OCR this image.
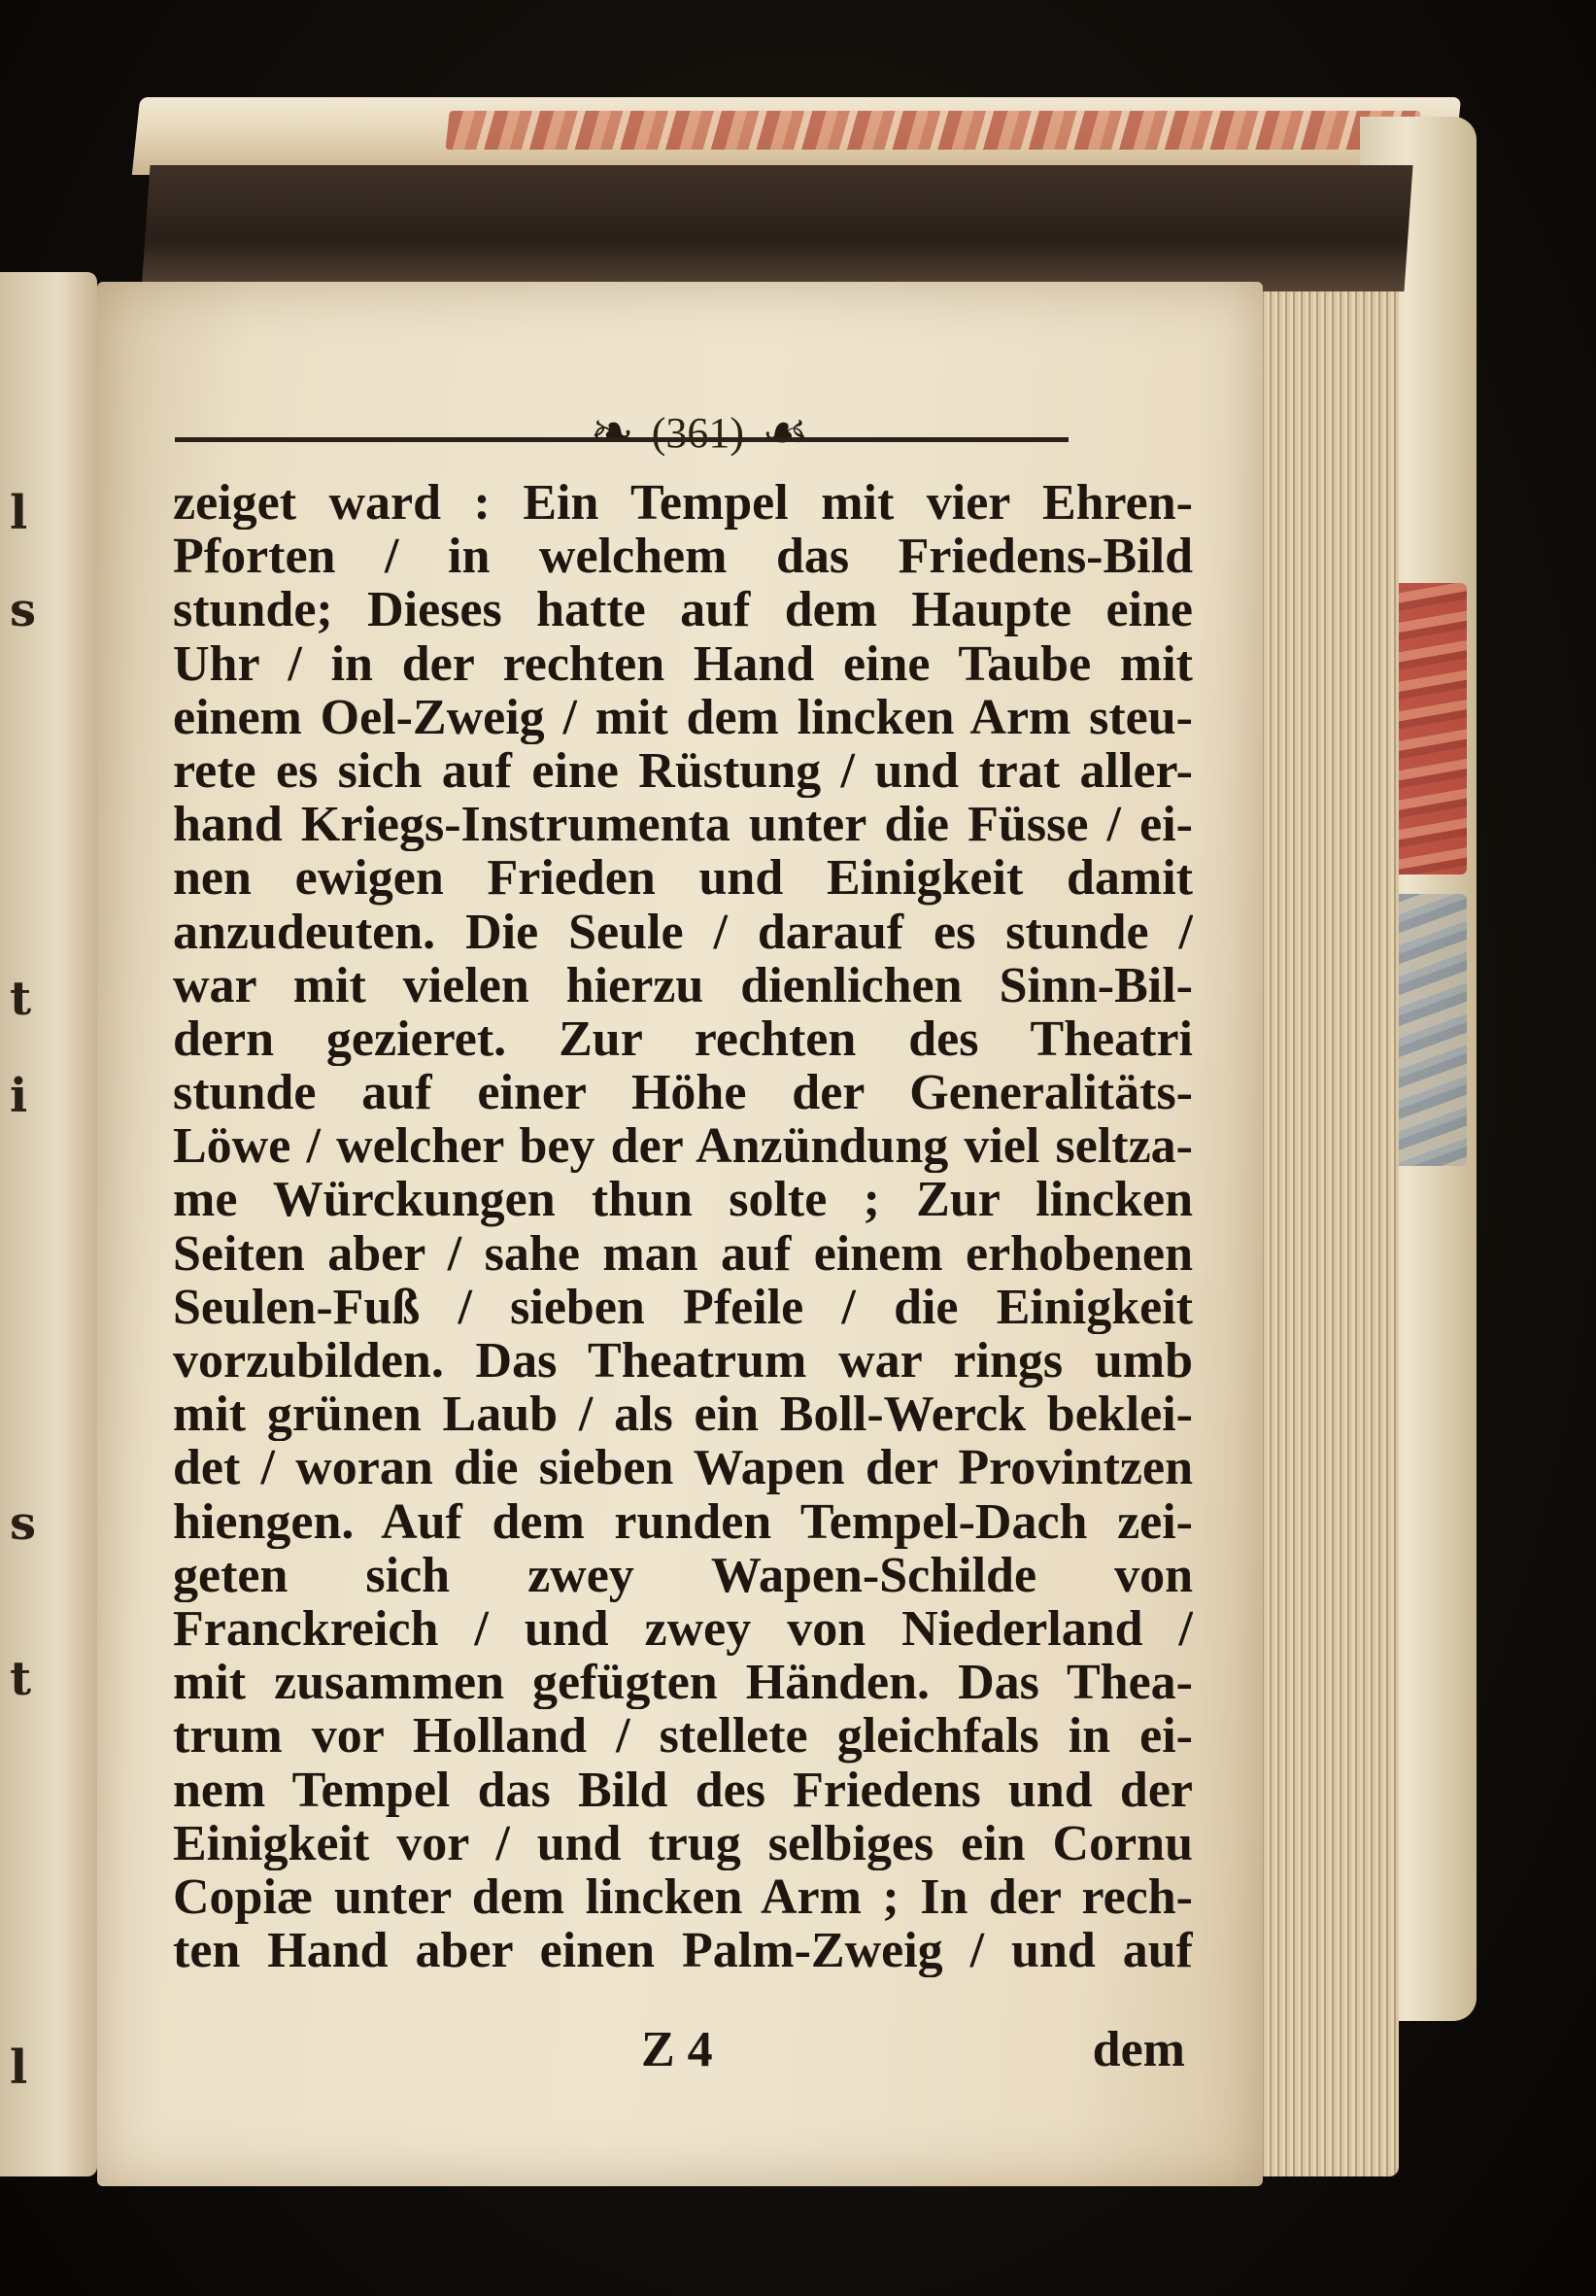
l
s
t
i
s
t
l
❧ (361) ☙
zeiget ward : Ein Tempel mit vier Ehren-
Pforten / in welchem das Friedens-Bild
stunde; Dieses hatte auf dem Haupte eine
Uhr / in der rechten Hand eine Taube mit
einem Oel-Zweig / mit dem lincken Arm steu-
rete es sich auf eine Rüstung / und trat aller-
hand Kriegs-Instrumenta unter die Füsse / ei-
nen ewigen Frieden und Einigkeit damit
anzudeuten. Die Seule / darauf es stunde /
war mit vielen hierzu dienlichen Sinn-Bil-
dern gezieret. Zur rechten des Theatri
stunde auf einer Höhe der Generalitäts-
Löwe / welcher bey der Anzündung viel seltza-
me Würckungen thun solte ; Zur lincken
Seiten aber / sahe man auf einem erhobenen
Seulen-Fuß / sieben Pfeile / die Einigkeit
vorzubilden. Das Theatrum war rings umb
mit grünen Laub / als ein Boll-Werck beklei-
det / woran die sieben Wapen der Provintzen
hiengen. Auf dem runden Tempel-Dach zei-
geten sich zwey Wapen-Schilde von
Franckreich / und zwey von Niederland /
mit zusammen gefügten Händen. Das Thea-
trum vor Holland / stellete gleichfals in ei-
nem Tempel das Bild des Friedens und der
Einigkeit vor / und trug selbiges ein Cornu
Copiæ unter dem lincken Arm ; In der rech-
ten Hand aber einen Palm-Zweig / und auf
Z 4	dem
